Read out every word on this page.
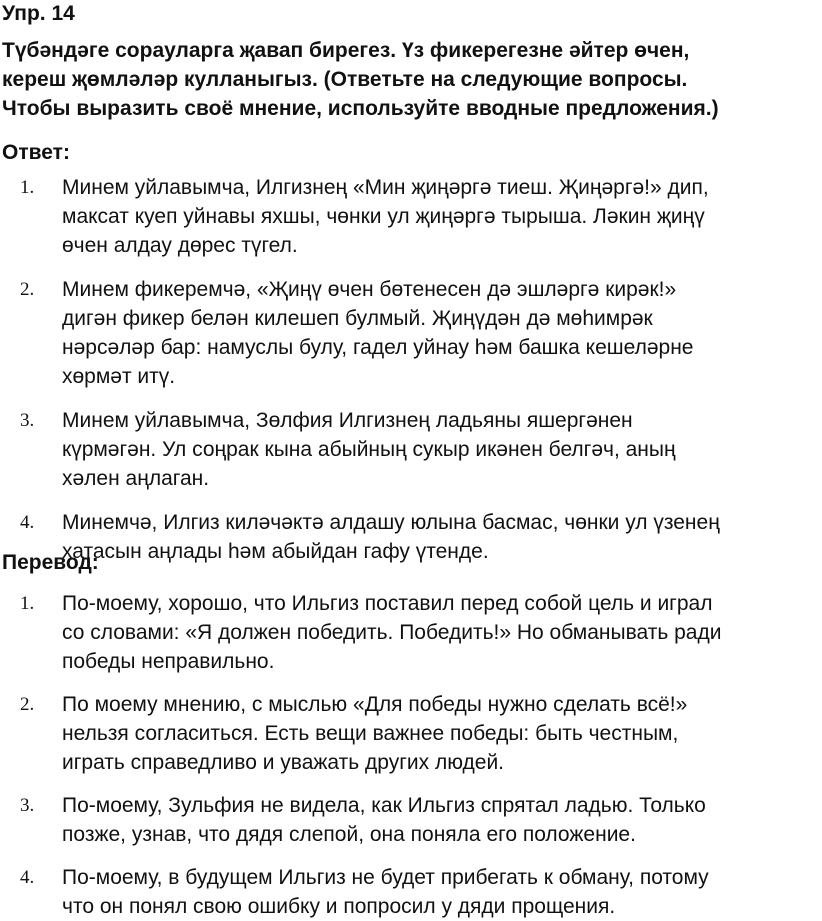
Упр. 14
Түбәндәге сорауларга җавап бирегез. Үз фикерегезне әйтер өчен,
кереш җөмләләр кулланыгыз. (Ответьте на следующие вопросы.
Чтобы выразить своё мнение, используйте вводные предложения.)
Ответ:
1. Минем уйлавымча, Илгизнең «Мин җиңәргә тиеш. Җиңәргә!» дип,
максат куеп уйнавы яхшы, чөнки ул җиңәргә тырыша. Ләкин җиңү
өчен алдау дөрес түгел.
2. Минем фикеремчә, «Җиңү өчен бөтенесен дә эшләргә кирәк!»
дигән фикер белән килешеп булмый. Җиңүдән дә мөһимрәк
нәрсәләр бар: намуслы булу, гадел уйнау һәм башка кешеләрне
хөрмәт итү.
3. Минем уйлавымча, Зөлфия Илгизнең ладьяны яшергәнен
күрмәгән. Ул соңрак кына абыйның сукыр икәнен белгәч, аның
хәлен аңлаган.
4. Минемчә, Илгиз киләчәктә алдашу юлына басмас, чөнки ул үзенең
хатасын аңлады һәм абыйдан гафу үтенде.
Перевод:
1. По-моему, хорошо, что Ильгиз поставил перед собой цель и играл
со словами: «Я должен победить. Победить!» Но обманывать ради
победы неправильно.
2. По моему мнению, с мыслью «Для победы нужно сделать всё!»
нельзя согласиться. Есть вещи важнее победы: быть честным,
играть справедливо и уважать других людей.
3. По-моему, Зульфия не видела, как Ильгиз спрятал ладью. Только
позже, узнав, что дядя слепой, она поняла его положение.
4. По-моему, в будущем Ильгиз не будет прибегать к обману, потому
что он понял свою ошибку и попросил у дяди прощения.
